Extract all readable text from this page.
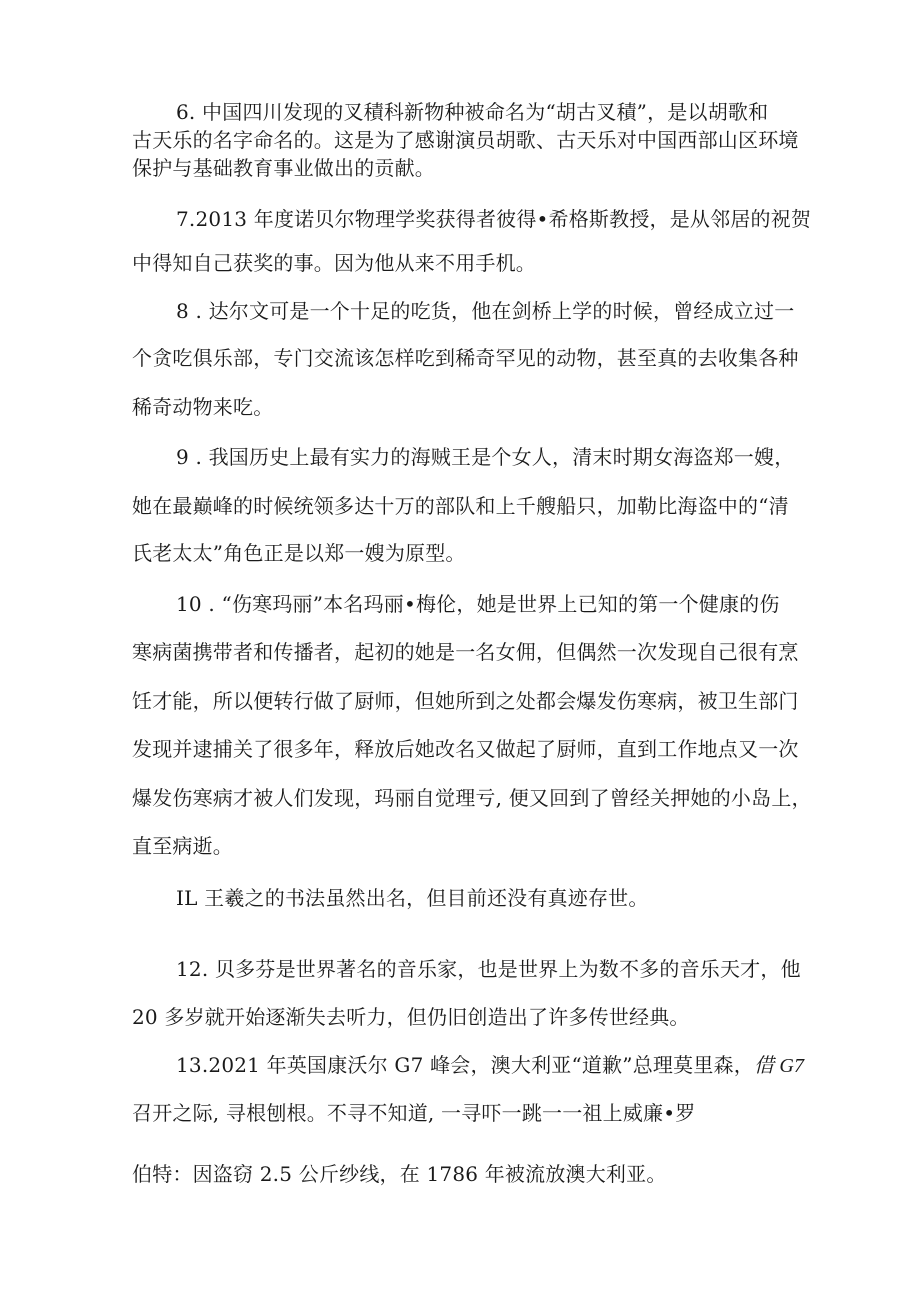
6. 中国四川发现的叉積科新物种被命名为“胡古叉積”，是以胡歌和
古天乐的名字命名的。这是为了感谢演员胡歌、古天乐对中国西部山区环境
保护与基础教育事业做出的贡献。
7.2013 年度诺贝尔物理学奖获得者彼得•希格斯教授，是从邻居的祝贺
中得知自己获奖的事。因为他从来不用手机。
8 . 达尔文可是一个十足的吃货，他在剑桥上学的时候，曾经成立过一
个贪吃俱乐部，专门交流该怎样吃到稀奇罕见的动物，甚至真的去收集各种
稀奇动物来吃。
9 . 我国历史上最有实力的海贼王是个女人，清末时期女海盗郑一嫂，
她在最巅峰的时候统领多达十万的部队和上千艘船只，加勒比海盗中的“清
氏老太太”角色正是以郑一嫂为原型。
10 . “伤寒玛丽”本名玛丽•梅伦，她是世界上已知的第一个健康的伤
寒病菌携带者和传播者，起初的她是一名女佣，但偶然一次发现自己很有烹
饪才能，所以便转行做了厨师，但她所到之处都会爆发伤寒病，被卫生部门
发现并逮捕关了很多年，释放后她改名又做起了厨师，直到工作地点又一次
爆发伤寒病才被人们发现，玛丽自觉理亏, 便又回到了曾经关押她的小岛上，
直至病逝。
IL 王羲之的书法虽然出名，但目前还没有真迹存世。
12. 贝多芬是世界著名的音乐家，也是世界上为数不多的音乐天才，他
20 多岁就开始逐渐失去听力，但仍旧创造出了许多传世经典。
13.2021 年英国康沃尔 G7 峰会，澳大利亚“道歉”总理莫里森，借 G7
召开之际, 寻根刨根。不寻不知道, 一寻吓一跳一一祖上威廉•罗
伯特：因盗窃 2.5 公斤纱线，在 1786 年被流放澳大利亚。
